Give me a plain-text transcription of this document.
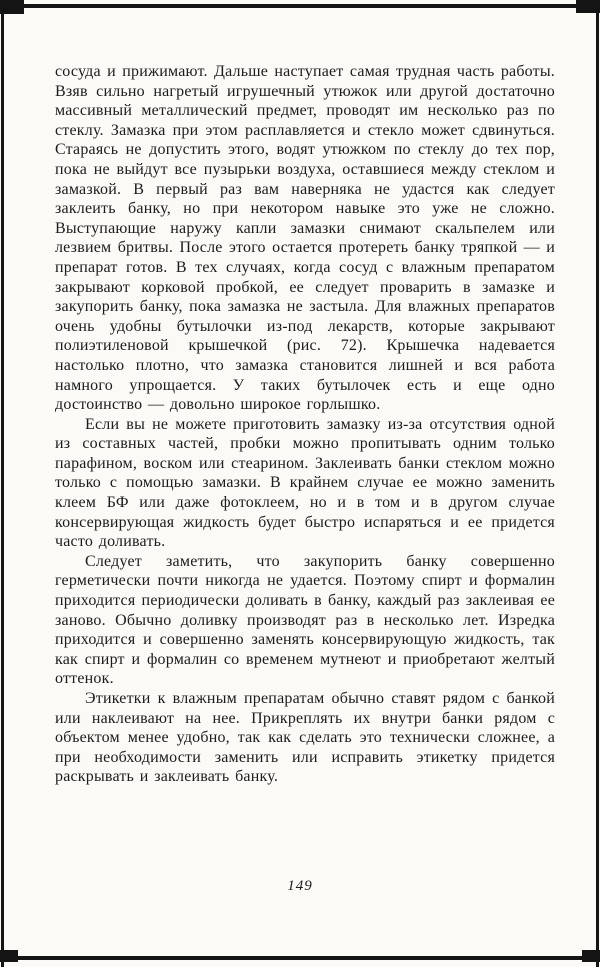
сосуда и прижимают. Дальше наступает самая трудная часть работы. Взяв сильно нагретый игрушечный утюжок или другой достаточно массивный металлический предмет, проводят им несколько раз по стеклу. Замазка при этом расплавляется и стекло может сдвинуться. Стараясь не допустить этого, водят утюжком по стеклу до тех пор, пока не выйдут все пузырьки воздуха, оставшиеся между стеклом и замазкой. В первый раз вам наверняка не удастся как следует заклеить банку, но при некотором навыке это уже не сложно. Выступающие наружу капли замазки снимают скальпелем или лезвием бритвы. После этого остается протереть банку тряпкой — и препарат готов. В тех случаях, когда сосуд с влажным препаратом закрывают корковой пробкой, ее следует проварить в замазке и закупорить банку, пока замазка не застыла. Для влажных препаратов очень удобны бутылочки из-под лекарств, которые закрывают полиэтиленовой крышечкой (рис. 72). Крышечка надевается настолько плотно, что замазка становится лишней и вся работа намного упрощается. У таких бутылочек есть и еще одно достоинство — довольно широкое горлышко.

Если вы не можете приготовить замазку из-за отсутствия одной из составных частей, пробки можно пропитывать одним только парафином, воском или стеарином. Заклеивать банки стеклом можно только с помощью замазки. В крайнем случае ее можно заменить клеем БФ или даже фотоклеем, но и в том и в другом случае консервирующая жидкость будет быстро испаряться и ее придется часто доливать.

Следует заметить, что закупорить банку совершенно герметически почти никогда не удается. Поэтому спирт и формалин приходится периодически доливать в банку, каждый раз заклеивая ее заново. Обычно доливку производят раз в несколько лет. Изредка приходится и совершенно заменять консервирующую жидкость, так как спирт и формалин со временем мутнеют и приобретают желтый оттенок.

Этикетки к влажным препаратам обычно ставят рядом с банкой или наклеивают на нее. Прикреплять их внутри банки рядом с объектом менее удобно, так как сделать это технически сложнее, а при необходимости заменить или исправить этикетку придется раскрывать и заклеивать банку.

149
